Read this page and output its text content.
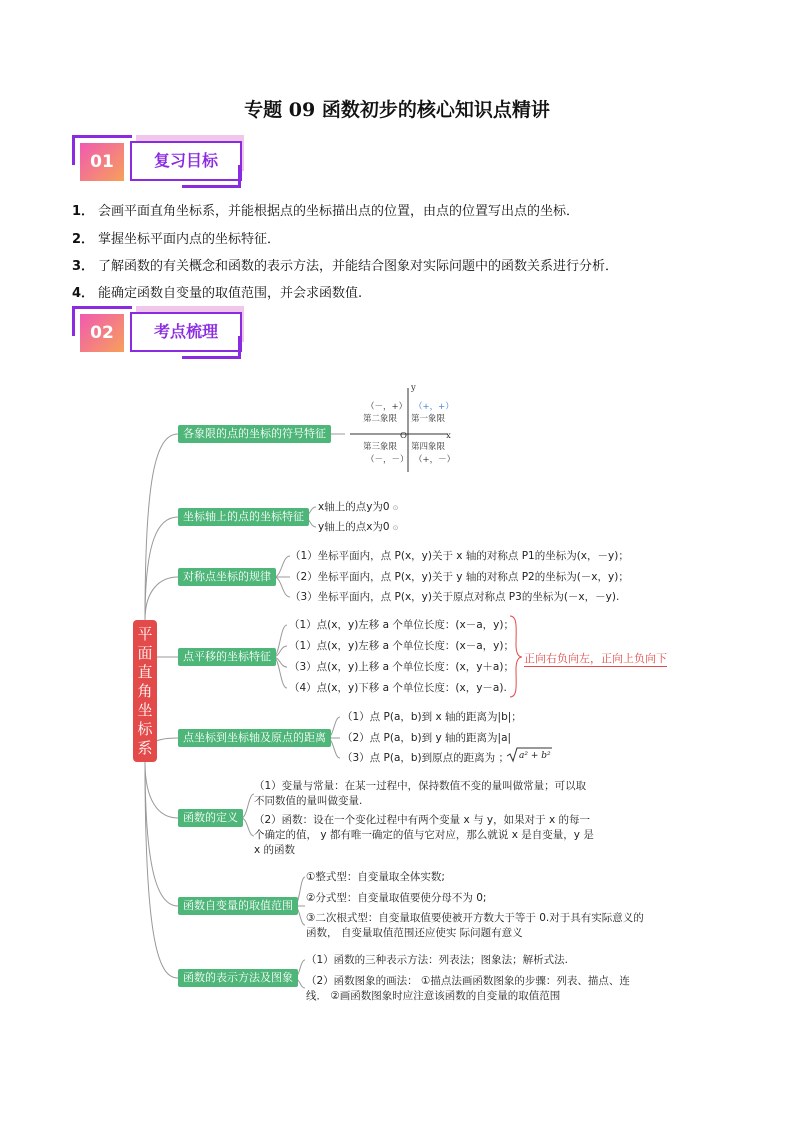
专题 09 函数初步的核心知识点精讲
01	复习目标
1． 会画平面直角坐标系，并能根据点的坐标描出点的位置，由点的位置写出点的坐标．
2． 掌握坐标平面内点的坐标特征．
3． 了解函数的有关概念和函数的表示方法，并能结合图象对实际问题中的函数关系进行分析．
4． 能确定函数自变量的取值范围，并会求函数值.
02	考点梳理
平面直角坐标系
y
x
O
（－，+）
第二象限
（+，+）
第一象限
第三象限
（－，－）
第四象限
（+，－）
各象限的点的坐标的符号特征
坐标轴上的点的坐标特征
x轴上的点y为0 ⊙
y轴上的点x为0 ⊙
对称点坐标的规律
（1）坐标平面内，点 P(x，y)关于 x 轴的对称点 P1的坐标为(x，－y)；
（2）坐标平面内，点 P(x，y)关于 y 轴的对称点 P2的坐标为(－x，y)；
（3）坐标平面内，点 P(x，y)关于原点对称点 P3的坐标为(－x，－y).
点平移的坐标特征
（1）点(x，y)左移 a 个单位长度：(x－a，y)；
（1）点(x，y)左移 a 个单位长度：(x－a，y)；
（3）点(x，y)上移 a 个单位长度：(x，y＋a)；
（4）点(x，y)下移 a 个单位长度：(x，y－a).
正向右负向左，正向上负向下
点坐标到坐标轴及原点的距离
（1）点 P(a，b)到 x 轴的距离为|b|；
（2）点 P(a，b)到 y 轴的距离为|a|
（3）点 P(a，b)到原点的距离为 ； a² + b²
函数的定义
（1）变量与常量：在某一过程中，保持数值不变的量叫做常量；可以取不同数值的量叫做变量.
（2）函数：设在一个变化过程中有两个变量 x 与 y，如果对于 x 的每一个确定的值， y 都有唯一确定的值与它对应，那么就说 x 是自变量，y 是 x 的函数
函数自变量的取值范围
①整式型：自变量取全体实数;
②分式型：自变量取值要使分母不为 0;
③二次根式型：自变量取值要使被开方数大于等于 0.对于具有实际意义的函数， 自变量取值范围还应使实 际问题有意义
函数的表示方法及图象
（1）函数的三种表示方法：列表法；图象法；解析式法.
（2）函数图象的画法： ①描点法画函数图象的步骤：列表、描点、连线． ②画函数图象时应注意该函数的自变量的取值范围
